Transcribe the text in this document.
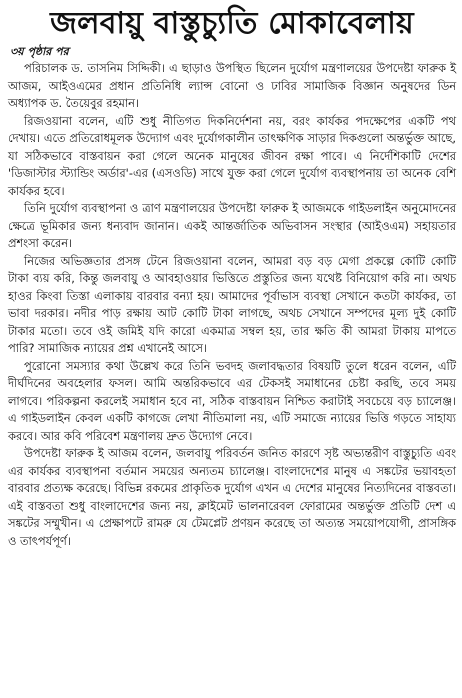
জলবায়ু বাস্তুচ্যুতি মোকাবেলায়

৩য় পৃষ্ঠার পর

পরিচালক ড. তাসনিম সিদ্দিকী। এ ছাড়াও উপস্থিত ছিলেন দুর্যোগ মন্ত্রণালয়ের উপদেষ্টা ফারুক ই আজম, আইওএমের প্রধান প্রতিনিধি ল্যান্স বোনো ও ঢাবির সামাজিক বিজ্ঞান অনুষদের ডিন অধ্যাপক ড. তৈয়েবুর রহমান।

রিজওয়ানা বলেন, এটি শুধু নীতিগত দিকনির্দেশনা নয়, বরং কার্যকর পদক্ষেপের একটি পথ দেখায়। এতে প্রতিরোধমূলক উদ্যোগ এবং দুর্যোগকালীন তাৎক্ষণিক সাড়ার দিকগুলো অন্তর্ভুক্ত আছে, যা সঠিকভাবে বাস্তবায়ন করা গেলে অনেক মানুষের জীবন রক্ষা পাবে। এ নির্দেশিকাটি দেশের 'ডিজাস্টার স্ট্যান্ডিং অর্ডার'-এর (এসওডি) সাথে যুক্ত করা গেলে দুর্যোগ ব্যবস্থাপনায় তা অনেক বেশি কার্যকর হবে।

তিনি দুর্যোগ ব্যবস্থাপনা ও ত্রাণ মন্ত্রণালয়ের উপদেষ্টা ফারুক ই আজমকে গাইডলাইন অনুমোদনের ক্ষেত্রে ভূমিকার জন্য ধন্যবাদ জানান। একই আন্তর্জাতিক অভিবাসন সংস্থার (আইওএম) সহায়তার প্রশংসা করেন।

নিজের অভিজ্ঞতার প্রসঙ্গ টেনে রিজওয়ানা বলেন, আমরা বড় বড় মেগা প্রকল্পে কোটি কোটি টাকা ব্যয় করি, কিন্তু জলবায়ু ও আবহাওয়ার ভিত্তিতে প্রস্তুতির জন্য যথেষ্ট বিনিয়োগ করি না। অথচ হাওর কিংবা তিস্তা এলাকায় বারবার বন্যা হয়। আমাদের পূর্বাভাস ব্যবস্থা সেখানে কতটা কার্যকর, তা ভাবা দরকার। নদীর পাড় রক্ষায় আট কোটি টাকা লাগছে, অথচ সেখানে সম্পদের মূল্য দুই কোটি টাকার মতো। তবে ওই জমিই যদি কারো একমাত্র সম্বল হয়, তার ক্ষতি কী আমরা টাকায় মাপতে পারি? সামাজিক ন্যায়ের প্রশ্ন এখানেই আসে।

পুরোনো সমস্যার কথা উল্লেখ করে তিনি ভবদহ জলাবদ্ধতার বিষয়টি তুলে ধরেন বলেন, এটি দীর্ঘদিনের অবহেলার ফসল। আমি অন্তরিকভাবে এর টেকসই সমাধানের চেষ্টা করছি, তবে সময় লাগবে। পরিকল্পনা করলেই সমাধান হবে না, সঠিক বাস্তবায়ন নিশ্চিত করাটাই সবচেয়ে বড় চ্যালেঞ্জ। এ গাইডলাইন কেবল একটি কাগজে লেখা নীতিমালা নয়, এটি সমাজে ন্যায়ের ভিত্তি গড়তে সাহায্য করবে। আর কবি পরিবেশ মন্ত্রণালয় দ্রুত উদ্যোগ নেবে।

উপদেষ্টা ফারুক ই আজম বলেন, জলবায়ু পরিবর্তন জনিত কারণে সৃষ্ট অভ্যন্তরীণ বাস্তুচ্যুতি এবং এর কার্যকর ব্যবস্থাপনা বর্তমান সময়ের অন্যতম চ্যালেঞ্জ। বাংলাদেশের মানুষ এ সঙ্কটের ভয়াবহতা বারবার প্রত্যক্ষ করেছে। বিভিন্ন রকমের প্রাকৃতিক দুর্যোগ এখন এ দেশের মানুষের নিত্যদিনের বাস্তবতা। এই বাস্তবতা শুধু বাংলাদেশের জন্য নয়, ক্লাইমেট ভালনারেবল ফোরামের অন্তর্ভুক্ত প্রতিটি দেশ এ সঙ্কটের সম্মুখীন। এ প্রেক্ষাপটে রামরু যে টেমপ্লেট প্রণয়ন করেছে তা অত্যন্ত সময়োপযোগী, প্রাসঙ্গিক ও তাৎপর্যপূর্ণ।
